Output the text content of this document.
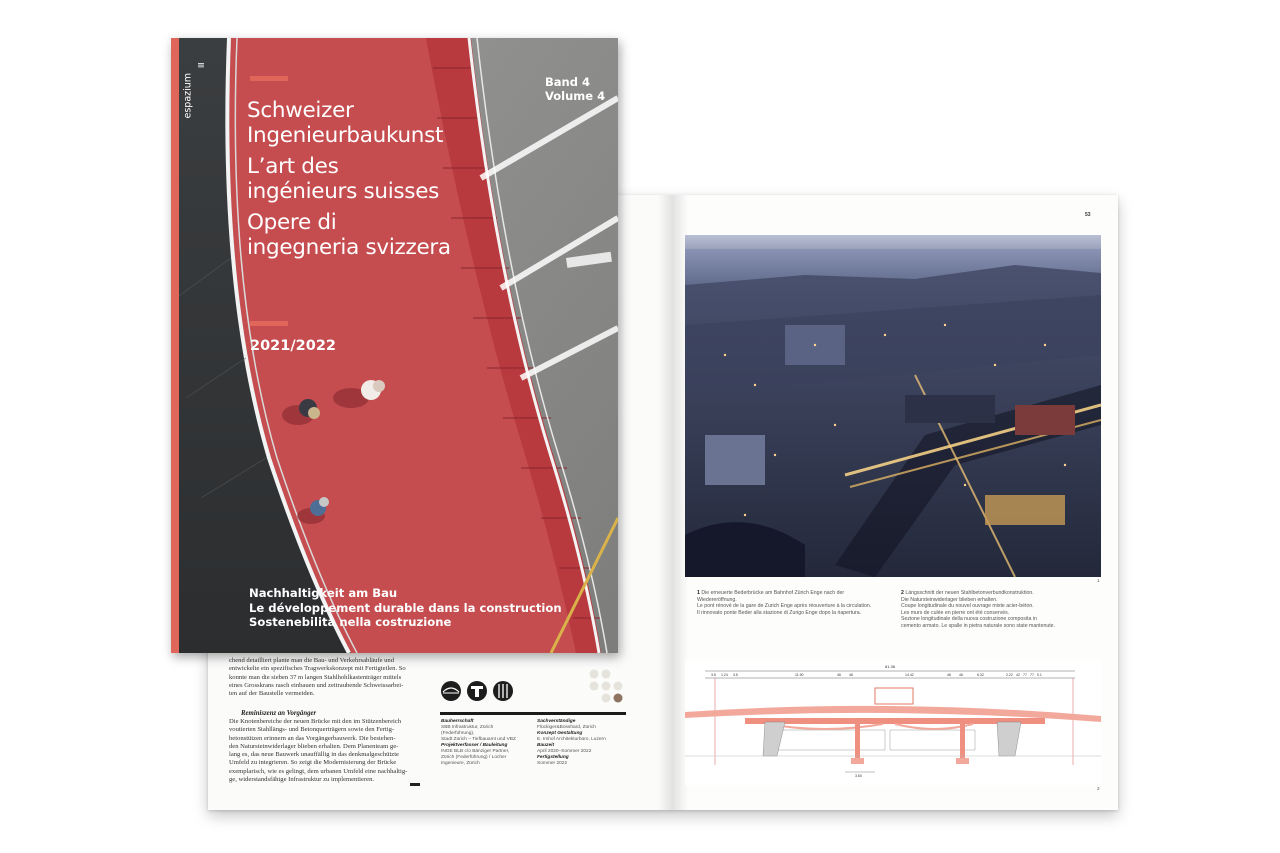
chend detailliert plante man die Bau- und Verkehrsabläufe und
entwickelte ein spezifisches Tragwerkskonzept mit Fertigteilen. So
konnte man die sieben 37 m langen Stahlhohlkastenträger mittels
eines Grosskrans rasch einbauen und zeitraubende Schweissarbei-
ten auf der Baustelle vermeiden.
Reminiszenz an Vorgänger
Die Knotenbereiche der neuen Brücke mit den im Stützenbereich
voutierten Stahllängs- und Betonquerträgern sowie den Fertig-
betonstützen erinnern an das Vorgängerbauwerk. Die bestehen-
den Natursteinwiderlager blieben erhalten. Dem Planenteam ge-
lang es, das neue Bauwerk unauffällig in das denkmalgeschützte
Umfeld zu integrieren. So zeigt die Modernisierung der Brücke
exemplarisch, wie es gelingt, dem urbanen Umfeld eine nachhaltig-
ge, widerstandsfähige Infrastruktur zu implementieren.
Bauherrschaft
SBB Infrastruktur, Zürich
(Federführung),
Stadt Zürich – Tiefbauamt und VBZ
Projektverfasser / Bauleitung
INGE BLB c/o Bänziger Partner,
Zürich (Federführung) / Locher
Ingenieure, Zürich
Sachverständige
Flückiger&Bosshard, Zürich
Konzept Gestaltung
E. Imhof Architekturbüro, Luzern
Bauzeit
April 2020–Sommer 2022
Fertigstellung
Sommer 2022
53
1
1 Die erneuerte Bederbrücke am Bahnhof Zürich Enge nach der
Wiedereröffnung.
Le pont rénové de la gare de Zurich Enge après réouverture à la circulation.
Il rinnovato ponte Beder alla stazione di Zurigo Enge dopo la riapertura.
2 Längsschnitt der neuen Stahlbetonverbundkonstruktion.
Die Natursteinwiderlager blieben erhalten.
Coupe longitudinale du nouvel ouvrage mixte acier-béton.
Les murs de culée en pierre ont été conservés.
Sezione longitudinale della nuova costruzione composita in
cemento armato. Le spalle in pietra naturale sono state mantenute.
61.36
3.5 1.24 3.5	11.90	46 46	14.42	46 46	6.32	2.22 42 77 77 0.1
3.60
2
espazium
≡
Band 4
Volume 4
Schweizer
Ingenieurbaukunst
L’art des
ingénieurs suisses
Opere di
ingegneria svizzera
2021/2022
Nachhaltigkeit am Bau
Le développement durable dans la construction
Sostenebilità nella costruzione
